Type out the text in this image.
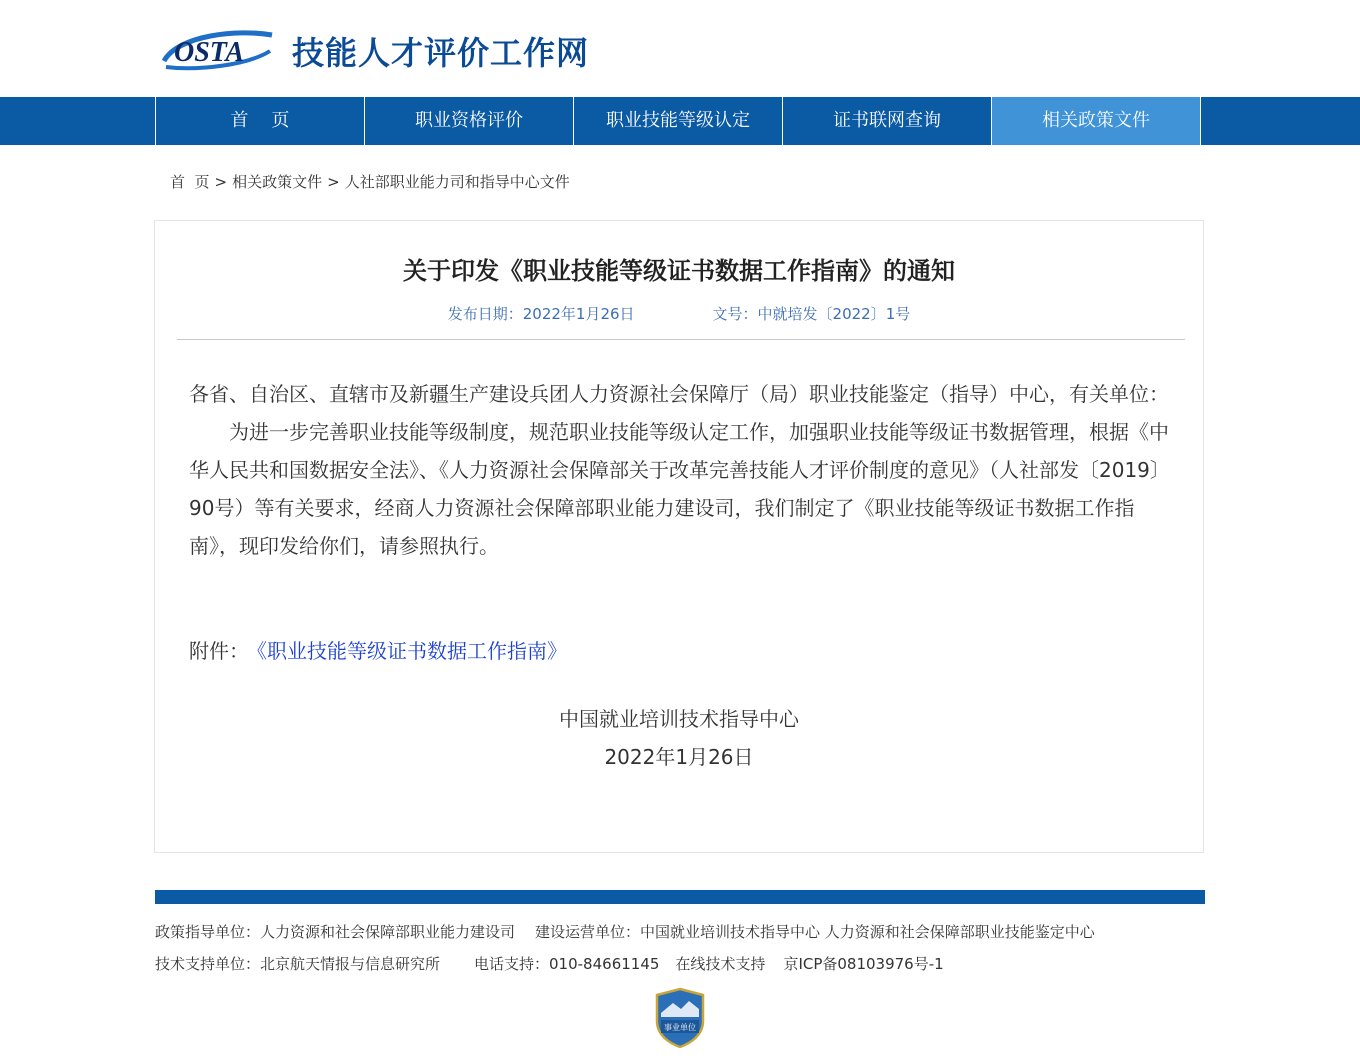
OSTA 技能人才评价工作网
首    页	职业资格评价	职业技能等级认定	证书联网查询	相关政策文件
首  页 > 相关政策文件 > 人社部职业能力司和指导中心文件
关于印发《职业技能等级证书数据工作指南》的通知
发布日期：2022年1月26日	文号：中就培发〔2022〕1号

各省、自治区、直辖市及新疆生产建设兵团人力资源社会保障厅（局）职业技能鉴定（指导）中心，有关单位：

为进一步完善职业技能等级制度，规范职业技能等级认定工作，加强职业技能等级证书数据管理，根据《中华人民共和国数据安全法》、《人力资源社会保障部关于改革完善技能人才评价制度的意见》（人社部发〔2019〕90号）等有关要求，经商人力资源社会保障部职业能力建设司，我们制定了《职业技能等级证书数据工作指南》，现印发给你们，请参照执行。

附件： 《职业技能等级证书数据工作指南》
中国就业培训技术指导中心
2022年1月26日
政策指导单位：人力资源和社会保障部职业能力建设司 建设运营单位：中国就业培训技术指导中心 人力资源和社会保障部职业技能鉴定中心
技术支持单位：北京航天情报与信息研究所 电话支持：010-84661145 在线技术支持 京ICP备08103976号-1
事业单位
